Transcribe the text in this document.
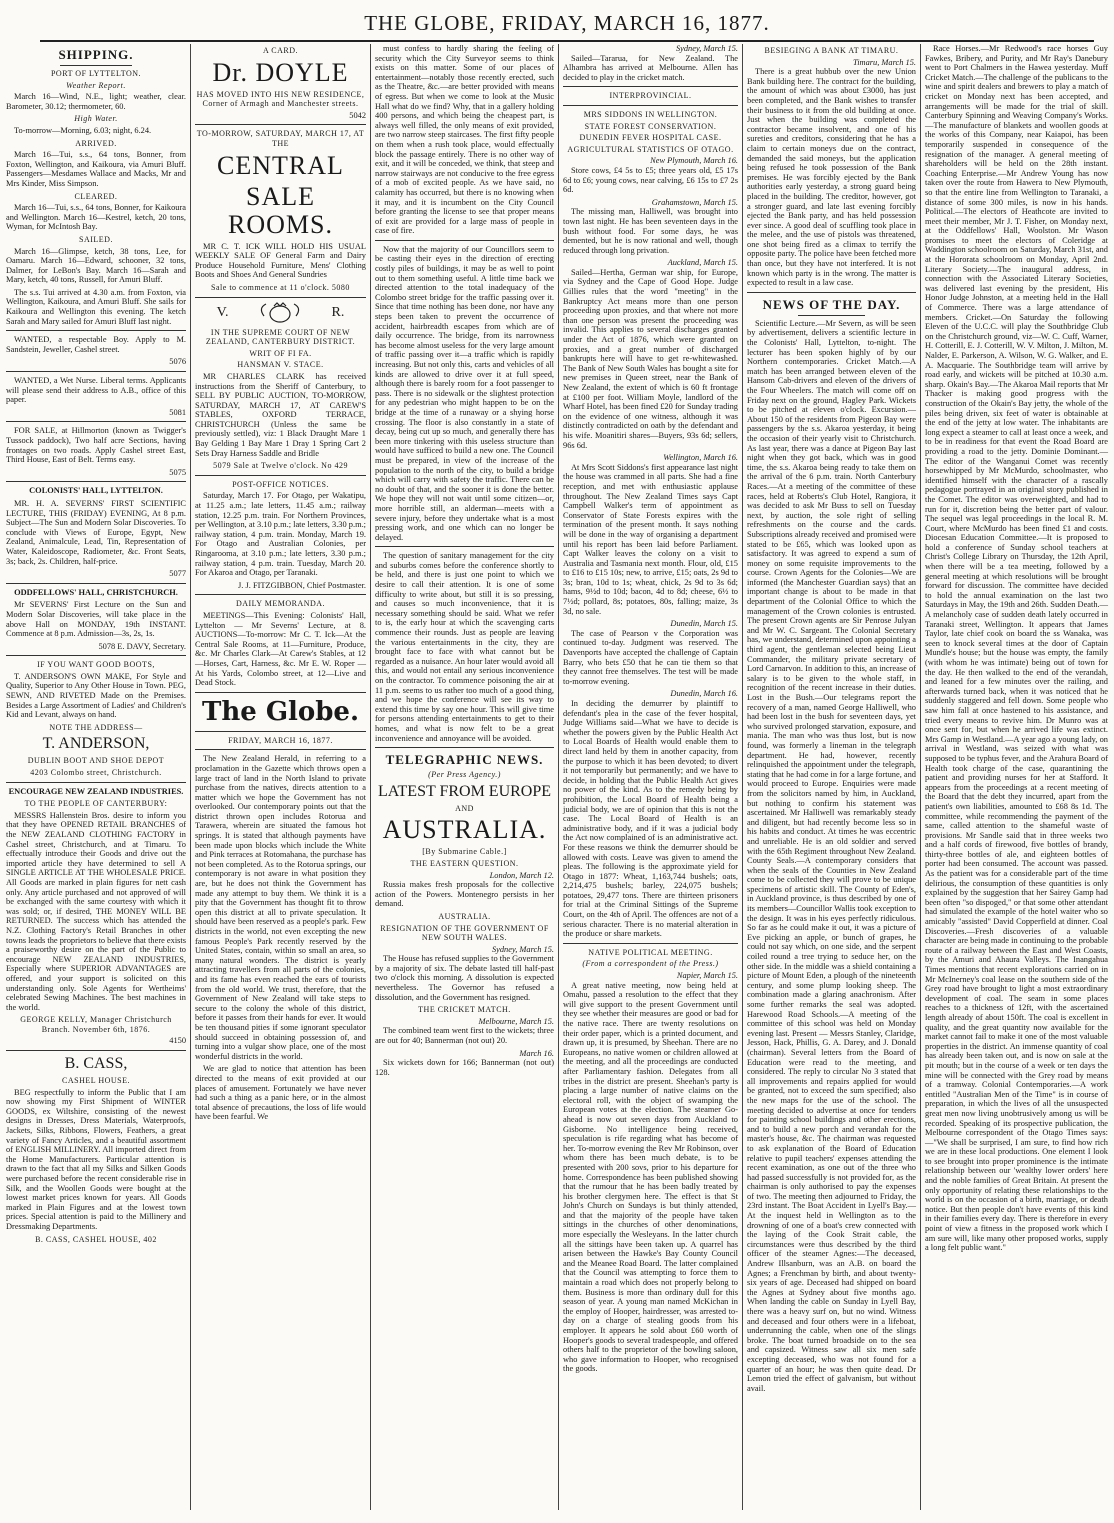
THE GLOBE, FRIDAY, MARCH 16, 1877.
SHIPPING.
PORT OF LYTTELTON.
Weather Report.

March 16—Wind, N.E., light; weather, clear. Barometer, 30.12; thermometer, 60.

High Water.

To-morrow—Morning, 6.03; night, 6.24.

ARRIVED.

March 16—Tui, s.s., 64 tons, Bonner, from Foxton, Wellington, and Kaikoura, via Amuri Bluff. Passengers—Mesdames Wallace and Macks, Mr and Mrs Kinder, Miss Simpson.

CLEARED.

March 16—Tui, s.s., 64 tons, Bonner, for Kaikoura and Wellington. March 16—Kestrel, ketch, 20 tons, Wyman, for McIntosh Bay.

SAILED.

March 16—Glimpse, ketch, 38 tons, Lee, for Oamaru. March 16—Edward, schooner, 32 tons, Dalmer, for LeBon's Bay. March 16—Sarah and Mary, ketch, 40 tons, Russell, for Amuri Bluff.

The s.s. Tui arrived at 4.30 a.m. from Foxton, via Wellington, Kaikoura, and Amuri Bluff. She sails for Kaikoura and Wellington this evening. The ketch Sarah and Mary sailed for Amuri Bluff last night.

WANTED, a respectable Boy. Apply to M. Sandstein, Jeweller, Cashel street.

5076

WANTED, a Wet Nurse. Liberal terms. Applicants will please send their address to A.B., office of this paper.

5081

FOR SALE, at Hillmorton (known as Twigger's Tussock paddock), Two half acre Sections, having frontages on two roads. Apply Cashel street East, Third House, East of Belt. Terms easy.

5075
COLONISTS' HALL, LYTTELTON.

MR. H. A. SEVERNS' FIRST SCIENTIFIC LECTURE, THIS (FRIDAY) EVENING, At 8 p.m. Subject—The Sun and Modern Solar Discoveries. To conclude with Views of Europe, Egypt, New Zealand, Animalcule, Lead, Tin, Representation of Water, Kaleidoscope, Radiometer, &c. Front Seats, 3s; back, 2s. Children, half-price.

5077
ODDFELLOWS' HALL, CHRISTCHURCH.

Mr SEVERNS' First Lecture on the Sun and Modern Solar Discoveries, will take place in the above Hall on MONDAY, 19th INSTANT. Commence at 8 p.m. Admission—3s, 2s, 1s.

5078 E. DAVY, Secretary.
IF YOU WANT GOOD BOOTS,

T. ANDERSON'S OWN MAKE, For Style and Quality, Superior to Any Other House in Town. PEG, SEWN, AND RIVETED Made on the Premises. Besides a Large Assortment of Ladies' and Children's Kid and Levant, always on hand.

NOTE THE ADDRESS—
T. ANDERSON,
DUBLIN BOOT AND SHOE DEPOT
4203 Colombo street, Christchurch.
ENCOURAGE NEW ZEALAND INDUSTRIES.
TO THE PEOPLE OF CANTERBURY:

MESSRS Hallenstein Bros. desire to inform you that they have OPENED RETAIL BRANCHES of the NEW ZEALAND CLOTHING FACTORY in Cashel street, Christchurch, and at Timaru. To effectually introduce their Goods and drive out the imported article they have determined to sell A SINGLE ARTICLE AT THE WHOLESALE PRICE. All Goods are marked in plain figures for nett cash only. Any article purchased and not approved of will be exchanged with the same courtesy with which it was sold; or, if desired, THE MONEY WILL BE RETURNED. The success which has attended the N.Z. Clothing Factory's Retail Branches in other towns leads the proprietors to believe that there exists a praiseworthy desire on the part of the Public to encourage NEW ZEALAND INDUSTRIES, Especially where SUPERIOR ADVANTAGES are offered, and your support is solicited on this understanding only. Sole Agents for Wertheims' celebrated Sewing Machines. The best machines in the world.

GEORGE KELLY, Manager Christchurch Branch. November 6th, 1876.
4150
B. CASS,
CASHEL HOUSE.

BEG respectfully to inform the Public that I am now showing my First Shipment of WINTER GOODS, ex Wiltshire, consisting of the newest designs in Dresses, Dress Materials, Waterproofs, Jackets, Silks, Ribbons, Flowers, Feathers, a great variety of Fancy Articles, and a beautiful assortment of ENGLISH MILLINERY. All imported direct from the Home Manufacturers. Particular attention is drawn to the fact that all my Silks and Silken Goods were purchased before the recent considerable rise in Silk, and the Woollen Goods were bought at the lowest market prices known for years. All Goods marked in Plain Figures and at the lowest town prices. Special attention is paid to the Millinery and Dressmaking Departments.

B. CASS, CASHEL HOUSE, 402
A CARD.
Dr. DOYLE
HAS MOVED INTO HIS NEW RESIDENCE, Corner of Armagh and Manchester streets.
5042
TO-MORROW, SATURDAY, MARCH 17, AT THE
CENTRAL
SALE ROOMS.

MR C. T. ICK WILL HOLD HIS USUAL WEEKLY SALE OF General Farm and Dairy Produce Household Furniture, Mens' Clothing Boots and Shoes And General Sundries

Sale to commence at 11 o'clock. 5080
V.	R.
IN THE SUPREME COURT OF NEW ZEALAND, CANTERBURY DISTRICT.
WRIT OF FI FA.
HANSMAN V. STACE.

MR CHARLES CLARK has received instructions from the Sheriff of Canterbury, to SELL BY PUBLIC AUCTION, TO-MORROW, SATURDAY, MARCH 17, AT CAREW'S STABLES, OXFORD TERRACE, CHRISTCHURCH (Unless the same be previously settled), viz: 1 Black Draught Mare 1 Bay Gelding 1 Bay Mare 1 Dray 1 Spring Cart 2 Sets Dray Harness Saddle and Bridle

5079 Sale at Twelve o'clock. No 429
POST-OFFICE NOTICES.

Saturday, March 17. For Otago, per Wakatipu, at 11.25 a.m.; late letters, 11.45 a.m.; railway station, 12.25 p.m. train. For Northern Provinces, per Wellington, at 3.10 p.m.; late letters, 3.30 p.m.; railway station, 4 p.m. train. Monday, March 19. For Otago and Australian Colonies, per Ringarooma, at 3.10 p.m.; late letters, 3.30 p.m.; railway station, 4 p.m. train. Tuesday, March 20. For Akaroa and Otago, per Taranaki.

J. J. FITZGIBBON, Chief Postmaster.
DAILY MEMORANDA.

MEETINGS—This Evening: Colonists' Hall, Lyttelton — Mr Severns' Lecture, at 8. AUCTIONS—To-morrow: Mr C. T. Ick—At the Central Sale Rooms, at 11—Furniture, Produce, &c. Mr Charles Clark—At Carew's Stables, at 12—Horses, Cart, Harness, &c. Mr E. W. Roper — At his Yards, Colombo street, at 12—Live and Dead Stock.

The Globe.
FRIDAY, MARCH 16, 1877.

The New Zealand Herald, in referring to a proclamation in the Gazette which throws open a large tract of land in the North Island to private purchase from the natives, directs attention to a matter which we hope the Government has not overlooked. Our contemporary points out that the district thrown open includes Rotorua and Tarawera, wherein are situated the famous hot springs. It is stated that although payments have been made upon blocks which include the White and Pink terraces at Rotomahana, the purchase has not been completed. As to the Rotorua springs, our contemporary is not aware in what position they are, but he does not think the Government has made any attempt to buy them. We think it is a pity that the Government has thought fit to throw open this district at all to private speculation. It should have been reserved as a people's park. Few districts in the world, not even excepting the new famous People's Park recently reserved by the United States, contain, within so small an area, so many natural wonders. The district is yearly attracting travellers from all parts of the colonies, and its fame has even reached the ears of tourists from the old world. We trust, therefore, that the Government of New Zealand will take steps to secure to the colony the whole of this district, before it passes from their hands for ever. It would be ten thousand pities if some ignorant speculator should succeed in obtaining possession of, and turning into a vulgar show place, one of the most wonderful districts in the world.

We are glad to notice that attention has been directed to the means of exit provided at our places of amusement. Fortunately we have never had such a thing as a panic here, or in the almost total absence of precautions, the loss of life would have been fearful. We

must confess to hardly sharing the feeling of security which the City Surveyor seems to think exists on this matter. Some of our places of entertainment—notably those recently erected, such as the Theatre, &c.—are better provided with means of egress. But when we come to look at the Music Hall what do we find? Why, that in a gallery holding 400 persons, and which being the cheapest part, is always well filled, the only means of exit provided, are two narrow steep staircases. The first fifty people on them when a rush took place, would effectually block the passage entirely. There is no other way of exit, and it will be conceded, we think, that steep and narrow stairways are not conducive to the free egress of a mob of excited people. As we have said, no calamity has occurred, but there is no knowing when it may, and it is incumbent on the City Council before granting the license to see that proper means of exit are provided for a large mass of people in case of fire.

Now that the majority of our Councillors seem to be casting their eyes in the direction of erecting costly piles of buildings, it may be as well to point out to them something useful. A little time back we directed attention to the total inadequacy of the Colombo street bridge for the traffic passing over it. Since that time nothing has been done, nor have any steps been taken to prevent the occurrence of accident, hairbreadth escapes from which are of daily occurrence. The bridge, from its narrowness has become almost useless for the very large amount of traffic passing over it—a traffic which is rapidly increasing. But not only this, carts and vehicles of all kinds are allowed to drive over it at full speed, although there is barely room for a foot passenger to pass. There is no sidewalk or the slightest protection for any pedestrian who might happen to be on the bridge at the time of a runaway or a shying horse crossing. The floor is also constantly in a state of decay, being cut up so much, and generally there has been more tinkering with this useless structure than would have sufficed to build a new one. The Council must be prepared, in view of the increase of the population to the north of the city, to build a bridge which will carry with safety the traffic. There can be no doubt of that, and the sooner it is done the better. We hope they will not wait until some citizen—or, more horrible still, an alderman—meets with a severe injury, before they undertake what is a most pressing work, and one which can no longer be delayed.

The question of sanitary management for the city and suburbs comes before the conference shortly to be held, and there is just one point to which we desire to call their attention. It is one of some difficulty to write about, but still it is so pressing, and causes so much inconvenience, that it is necessary something should be said. What we refer to is, the early hour at which the scavenging carts commence their rounds. Just as people are leaving the various entertainments in the city, they are brought face to face with what cannot but be regarded as a nuisance. An hour later would avoid all this, and would not entail any serious inconvenience on the contractor. To commence poisoning the air at 11 p.m. seems to us rather too much of a good thing, and we hope the conference will see its way to extend this time by say one hour. This will give time for persons attending entertainments to get to their homes, and what is now felt to be a great inconvenience and annoyance will be avoided.

TELEGRAPHIC NEWS.
(Per Press Agency.)
LATEST FROM EUROPE
AND
AUSTRALIA.
[By Submarine Cable.]
THE EASTERN QUESTION.
London, March 12.

Russia makes fresh proposals for the collective action of the Powers. Montenegro persists in her demand.

AUSTRALIA.
RESIGNATION OF THE GOVERNMENT OF NEW SOUTH WALES.
Sydney, March 15.

The House has refused supplies to the Government by a majority of six. The debate lasted till half-past two o'clock this morning. A dissolution is expected nevertheless. The Governor has refused a dissolution, and the Government has resigned.

THE CRICKET MATCH.
Melbourne, March 15.

The combined team went first to the wickets; three are out for 40; Bannerman (not out) 20.

March 16.

Six wickets down for 166; Bannerman (not out) 128.

Sydney, March 15.

Sailed—Tararua, for New Zealand. The Alhambra has arrived at Melbourne. Allen has decided to play in the cricket match.

INTERPROVINCIAL.
MRS SIDDONS IN WELLINGTON.
STATE FOREST CONSERVATION.
DUNEDIN FEVER HOSPITAL CASE.
AGRICULTURAL STATISTICS OF OTAGO.
New Plymouth, March 16.

Store cows, £4 5s to £5; three years old, £5 17s 6d to £6; young cows, near calving, £6 15s to £7 2s 6d.

Grahamstown, March 15.

The missing man, Halliwell, was brought into town last night. He has been seventeen days in the bush without food. For some days, he was demented, but he is now rational and well, though reduced through long privation.

Auckland, March 15.

Sailed—Hertha, German war ship, for Europe, via Sydney and the Cape of Good Hope. Judge Gillies rules that the word "meeting" in the Bankruptcy Act means more than one person proceeding upon proxies, and that where not more than one person was present the proceeding was invalid. This applies to several discharges granted under the Act of 1876, which were granted on proxies, and a great number of discharged bankrupts here will have to get re-whitewashed. The Bank of New South Wales has bought a site for new premises in Queen street, near the Bank of New Zealand, the extent of which is 60 ft frontage at £100 per foot. William Moyle, landlord of the Wharf Hotel, has been fined £20 for Sunday trading on the evidence of one witness, although it was distinctly contradicted on oath by the defendant and his wife. Moanitiri shares—Buyers, 93s 6d; sellers, 96s 6d.

Wellington, March 16.

At Mrs Scott Siddons's first appearance last night the house was crammed in all parts. She had a fine reception, and met with enthusiastic applause throughout. The New Zealand Times says Capt Campbell Walker's term of appointment as Conservator of State Forests expires with the termination of the present month. It says nothing will be done in the way of organising a department until his report has been laid before Parliament. Capt Walker leaves the colony on a visit to Australia and Tasmania next month. Flour, old, £15 to £16 to £15 10s; new, to arrive, £15; oats, 2s 9d to 3s; bran, 10d to 1s; wheat, chick, 2s 9d to 3s 6d; hams, 9½d to 10d; bacon, 4d to 8d; cheese, 6½ to 7½d; pollard, 8s; potatoes, 80s, falling; maize, 3s 3d, no sale.

Dunedin, March 15.

The case of Pearson v the Corporation was continued to-day. Judgment was reserved. The Davenports have accepted the challenge of Captain Barry, who bets £50 that he can tie them so that they cannot free themselves. The test will be made to-morrow evening.

Dunedin, March 16.

In deciding the demurrer by plaintiff to defendant's plea in the case of the fever hospital, Judge Williams said—What we have to decide is whether the powers given by the Public Health Act to Local Boards of Health would enable them to direct land held by them in another capacity, from the purpose to which it has been devoted; to divert it not temporarily but permanently; and we have to decide, in holding that the Public Health Act gives no power of the kind. As to the remedy being by prohibition, the Local Board of Health being a judicial body, we are of opinion that this is not the case. The Local Board of Health is an administrative body, and if it was a judicial body the Act now complained of is an administrative act. For these reasons we think the demurrer should be allowed with costs. Leave was given to amend the pleas. The following is the approximate yield for Otago in 1877: Wheat, 1,163,744 bushels; oats, 2,214,475 bushels; barley, 224,075 bushels; potatoes, 29,477 tons. There are thirteen prisoners for trial at the Criminal Sittings of the Supreme Court, on the 4th of April. The offences are not of a serious character. There is no material alteration in the produce or share markets.

NATIVE POLITICAL MEETING.
(From a correspondent of the Press.)
Napier, March 15.

A great native meeting, now being held at Omahu, passed a resolution to the effect that they will give support to the present Government until they see whether their measures are good or bad for the native race. There are twenty resolutions on their order paper, which is a printed document, and drawn up, it is presumed, by Sheehan. There are no Europeans, no native women or children allowed at the meeting, and all the proceedings are conducted after Parliamentary fashion. Delegates from all tribes in the district are present. Sheehan's party is placing a large number of native claims on the electoral roll, with the object of swamping the European votes at the election. The steamer Go-ahead is now out seven days from Auckland to Gisborne. No intelligence being received, speculation is rife regarding what has become of her. To-morrow evening the Rev Mr Robinson, over whom there has been much debate, is to be presented with 200 sovs, prior to his departure for home. Correspondence has been published showing that the rumour that he has been badly treated by his brother clergymen here. The effect is that St John's Church on Sundays is but thinly attended, and that the majority of the people have taken sittings in the churches of other denominations, more especially the Wesleyans. In the latter church all the sittings have been taken up. A quarrel has arisen between the Hawke's Bay County Council and the Meanee Road Board. The latter complained that the Council was attempting to force them to maintain a road which does not properly belong to them. Business is more than ordinary dull for this season of year. A young man named McKichan in the employ of Hooper, hairdresser, was arrested to-day on a charge of stealing goods from his employer. It appears he sold about £60 worth of Hooper's goods to several tradespeople, and offered others half to the proprietor of the bowling saloon, who gave information to Hooper, who recognised the goods.

BESIEGING A BANK AT TIMARU.
Timaru, March 15.

There is a great hubbub over the new Union Bank building here. The contract for the building, the amount of which was about £3000, has just been completed, and the Bank wishes to transfer their business to it from the old building at once. Just when the building was completed the contractor became insolvent, and one of his sureties and creditors, considering that he has a claim to certain moneys due on the contract, demanded the said moneys, but the application being refused he took possession of the Bank premises. He was forcibly ejected by the Bank authorities early yesterday, a strong guard being placed in the building. The creditor, however, got a stronger guard, and late last evening forcibly ejected the Bank party, and has held possession ever since. A good deal of scuffling took place in the melee, and the use of pistols was threatened, one shot being fired as a climax to terrify the opposite party. The police have been fetched more than once, but they have not interfered. It is not known which party is in the wrong. The matter is expected to result in a law case.

NEWS OF THE DAY.

Scientific Lecture.—Mr Severn, as will be seen by advertisement, delivers a scientific lecture in the Colonists' Hall, Lyttelton, to-night. The lecturer has been spoken highly of by our Northern contemporaries. Cricket Match.—A match has been arranged between eleven of the Hansom Cab-drivers and eleven of the drivers of the Four Wheelers. The match will come off on Friday next on the ground, Hagley Park. Wickets to be pitched at eleven o'clock. Excursion.—About 150 of the residents from Pigeon Bay were passengers by the s.s. Akaroa yesterday, it being the occasion of their yearly visit to Christchurch. As last year, there was a dance at Pigeon Bay last night when they got back, which was in good time, the s.s. Akaroa being ready to take them on the arrival of the 6 p.m. train. North Canterbury Races.—At a meeting of the committee of these races, held at Roberts's Club Hotel, Rangiora, it was decided to ask Mr Buss to sell on Tuesday next, by auction, the sole right of selling refreshments on the course and the cards. Subscriptions already received and promised were stated to be £65, which was looked upon as satisfactory. It was agreed to expend a sum of money on some requisite improvements to the course. Crown Agents for the Colonies—We are informed (the Manchester Guardian says) that an important change is about to be made in that department of the Colonial Office to which the management of the Crown colonies is entrusted. The present Crown agents are Sir Penrose Julyan and Mr W. C. Sargeant. The Colonial Secretary has, we understand, determined upon appointing a third agent, the gentleman selected being Lieut Commander, the military private secretary of Lord Carnarvon. In addition to this, an increase of salary is to be given to the whole staff, in recognition of the recent increase in their duties. Lost in the Bush.—Our telegrams report the recovery of a man, named George Halliwell, who had been lost in the bush for seventeen days, yet who survived prolonged starvation, exposure, and mania. The man who was thus lost, but is now found, was formerly a lineman in the telegraph department. He had, however, recently relinquished the appointment under the telegraph, stating that he had come in for a large fortune, and would proceed to Europe. Enquiries were made from the solicitors named by him, in Auckland, but nothing to confirm his statement was ascertained. Mr Halliwell was remarkably steady and diligent, but had recently become less so in his habits and conduct. At times he was eccentric and unreliable. He is an old soldier and served with the 65th Regiment throughout New Zealand. County Seals.—A contemporary considers that when the seals of the Counties in New Zealand come to be collected they will prove to be unique specimens of artistic skill. The County of Eden's, in Auckland province, is thus described by one of its members—Councillor Wallis took exception to the design. It was in his eyes perfectly ridiculous. So far as he could make it out, it was a picture of Eve picking an apple, or bunch of grapes, he could not say which, on one side, and the serpent coiled round a tree trying to seduce her, on the other side. In the middle was a shield containing a picture of Mount Eden, a plough of the nineteenth century, and some plump looking sheep. The combination made a glaring anachronism. After some further remarks the seal was adopted. Harewood Road Schools.—A meeting of the committee of this school was held on Monday evening last. Present — Messrs Stanley, Claridge, Jesson, Hack, Phillis, G. A. Darey, and J. Donald (chairman). Several letters from the Board of Education were read to the meeting, and considered. The reply to circular No 3 stated that all improvements and repairs applied for would be granted, not to exceed the sum specified; also the new maps for the use of the school. The meeting decided to advertise at once for tenders for painting school buildings and other erections, and to build a new porch and verandah for the master's house, &c. The chairman was requested to ask explanation of the Board of Education relative to pupil teachers' expenses attending the recent examination, as one out of the three who had passed successfully is not provided for, as the chairman is only authorised to pay the expenses of two. The meeting then adjourned to Friday, the 23rd instant. The Boat Accident in Lyell's Bay.—At the inquest held in Wellington as to the drowning of one of a boat's crew connected with the laying of the Cook Strait cable, the circumstances were thus described by the third officer of the steamer Agnes:—The deceased, Andrew Illsanburn, was an A.B. on board the Agnes; a Frenchman by birth, and about twenty-six years of age. Deceased had shipped on board the Agnes at Sydney about five months ago. When landing the cable on Sunday in Lyell Bay, there was a heavy surf on, but no wind. Witness and deceased and four others were in a lifeboat, underrunning the cable, when one of the slings broke. The boat turned broadside on to the sea and capsized. Witness saw all six men safe excepting deceased, who was not found for a quarter of an hour; he was then quite dead. Dr Lemon tried the effect of galvanism, but without avail.

Race Horses.—Mr Redwood's race horses Guy Fawkes, Bribery, and Purity, and Mr Ray's Danebury went to Port Chalmers in the Hawea yesterday. Muff Cricket Match.—The challenge of the publicans to the wine and spirit dealers and brewers to play a match of cricket on Monday next has been accepted, and arrangements will be made for the trial of skill. Canterbury Spinning and Weaving Company's Works.—The manufacture of blankets and woollen goods at the works of this Company, near Kaiapoi, has been temporarily suspended in consequence of the resignation of the manager. A general meeting of shareholders will be held on the 28th instant. Coaching Enterprise.—Mr Andrew Young has now taken over the route from Hawera to New Plymouth, so that the entire line from Wellington to Taranaki, a distance of some 300 miles, is now in his hands. Political.—The electors of Heathcote are invited to meet their member, Mr J. T. Fisher, on Monday next, at the Oddfellows' Hall, Woolston. Mr Wason promises to meet the electors of Coleridge at Waddington schoolroom on Saturday, March 31st, and at the Hororata schoolroom on Monday, April 2nd. Literary Society.—The inaugural address, in connection with the Associated Literary Societies, was delivered last evening by the president, His Honor Judge Johnston, at a meeting held in the Hall of Commerce. There was a large attendance of members. Cricket.—On Saturday the following Eleven of the U.C.C. will play the Southbridge Club on the Christchurch ground, viz—W. C. Cuff, Warner, H. Cotterill, E. J. Cotterill, W. V. Milton, J. Milton, M. Nalder, E. Parkerson, A. Wilson, W. G. Walker, and E. A. Macquarie. The Southbridge team will arrive by road early, and wickets will be pitched at 10.30 a.m. sharp. Okain's Bay.—The Akaroa Mail reports that Mr Thacker is making good progress with the construction of the Okain's Bay jetty, the whole of the piles being driven, six feet of water is obtainable at the end of the jetty at low water. The inhabitants are long expect a steamer to call at least once a week, and to be in readiness for that event the Road Board are providing a road to the jetty. Dominie Dominant.—The editor of the Wanganui Comet was recently horsewhipped by Mr McMurdo, schoolmaster, who identified himself with the character of a rascally pedagogue portrayed in an original story published in the Comet. The editor was overweighted, and had to run for it, discretion being the better part of valour. The sequel was legal proceedings in the local R. M. Court, where McMurdo has been fined £1 and costs. Diocesan Education Committee.—It is proposed to hold a conference of Sunday school teachers at Christ's College Library on Thursday, the 12th April, when there will be a tea meeting, followed by a general meeting at which resolutions will be brought forward for discussion. The committee have decided to hold the annual examination on the last two Saturdays in May, the 19th and 26th. Sudden Death.—A melancholy case of sudden death lately occurred in Taranaki street, Wellington. It appears that James Taylor, late chief cook on board the ss Wanaka, was seen to knock several times at the door of Captain Mundle's house; but the house was empty, the family (with whom he was intimate) being out of town for the day. He then walked to the end of the verandah, and leaned for a few minutes over the railing, and afterwards turned back, when it was noticed that he suddenly staggered and fell down. Some people who saw him fall at once hastened to his assistance, and tried every means to revive him. Dr Munro was at once sent for, but when he arrived life was extinct. Mrs Gamp in Westland.—A year ago a young lady, on arrival in Westland, was seized with what was supposed to be typhus fever, and the Arahura Board of Health took charge of the case, quarantining the patient and providing nurses for her at Stafford. It appears from the proceedings at a recent meeting of the Board that the debt they incurred, apart from the patient's own liabilities, amounted to £68 8s 1d. The committee, while recommending the payment of the same, called attention to the shameful waste of provisions. Mr Sandle said that in three weeks two and a half cords of firewood, five bottles of brandy, thirty-three bottles of ale, and eighteen bottles of porter had been consumed. The account was passed. As the patient was for a considerable part of the time delirious, the consumption of these quantities is only explained by the suggestion that her Sairey Gamp had been often "so dispoged," or that some other attendant had simulated the example of the hotel waiter who so amicably "assisted" David Copperfield at dinner. Coal Discoveries.—Fresh discoveries of a valuable character are being made in continuing to the probable route of a railway between the East and West Coasts, by the Amuri and Ahaura Valleys. The Inangahua Times mentions that recent explorations carried on in Mr McInerney's coal lease on the southern side of the Grey road have brought to light a most extraordinary development of coal. The seam in some places reaches to a thickness of 12ft, with the ascertained length already of about 150ft. The coal is excellent in quality, and the great quantity now available for the market cannot fail to make it one of the most valuable properties in the district. An immense quantity of coal has already been taken out, and is now on sale at the pit mouth; but in the course of a week or ten days the mine will be connected with the Grey road by means of a tramway. Colonial Contemporaries.—A work entitled "Australian Men of the Time" is in course of preparation, in which the lives of all the unsuspected great men now living unobtrusively among us will be recorded. Speaking of its prospective publication, the Melbourne correspondent of the Otago Times says:—"We shall be surprised, I am sure, to find how rich we are in these local productions. One element I look to see brought into proper prominence is the intimate relationship between our 'wealthy lower orders' here and the noble families of Great Britain. At present the only opportunity of relating these relationships to the world is on the occasion of a birth, marriage, or death notice. But then people don't have events of this kind in their families every day. There is therefore in every point of view a fitness in the proposed work which I am sure will, like many other proposed works, supply a long felt public want."
